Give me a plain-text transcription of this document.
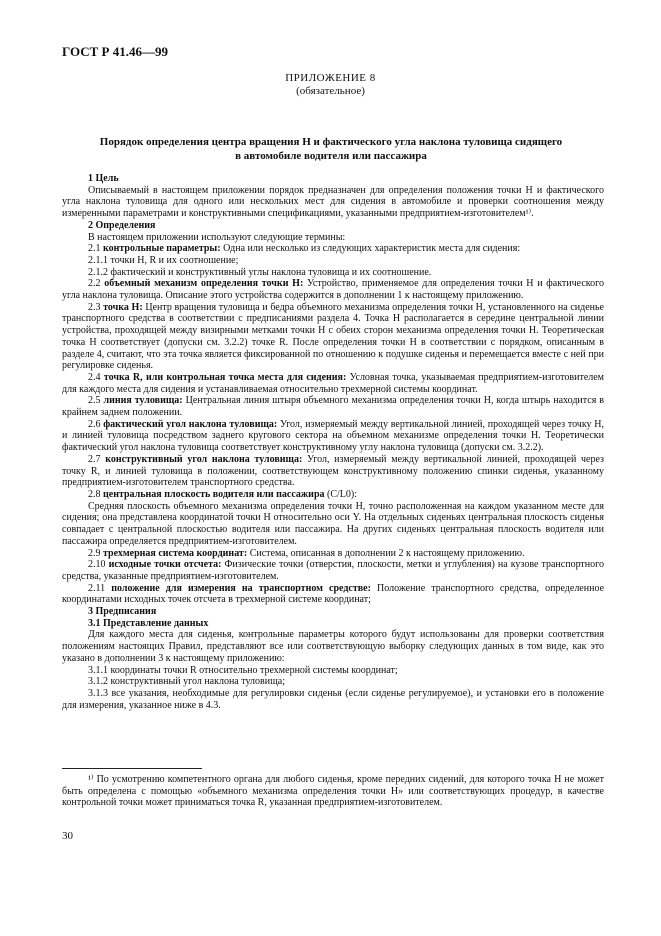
ГОСТ Р 41.46—99
ПРИЛОЖЕНИЕ 8
(обязательное)
Порядок определения центра вращения Н и фактического угла наклона туловища сидящего
в автомобиле водителя или пассажира

1 Цель

Описываемый в настоящем приложении порядок предназначен для определения положения точки Н и фактического угла наклона туловища для одного или нескольких мест для сидения в автомобиле и проверки соотношения между измеренными параметрами и конструктивными спецификациями, указанными предприятием-изготовителем¹⁾.

2 Определения

В настоящем приложении используют следующие термины:

2.1 контрольные параметры: Одна или несколько из следующих характеристик места для сидения:

2.1.1 точки Н, R и их соотношение;

2.1.2 фактический и конструктивный углы наклона туловища и их соотношение.

2.2 объемный механизм определения точки Н: Устройство, применяемое для определения точки Н и фактического угла наклона туловища. Описание этого устройства содержится в дополнении 1 к настоящему приложению.

2.3 точка Н: Центр вращения туловища и бедра объемного механизма определения точки Н, установленного на сиденье транспортного средства в соответствии с предписаниями раздела 4. Точка Н располагается в середине центральной линии устройства, проходящей между визирными метками точки Н с обеих сторон механизма определения точки Н. Теоретическая точка Н соответствует (допуски см. 3.2.2) точке R. После определения точки Н в соответствии с порядком, описанным в разделе 4, считают, что эта точка является фиксированной по отношению к подушке сиденья и перемещается вместе с ней при регулировке сиденья.

2.4 точка R, или контрольная точка места для сидения: Условная точка, указываемая предприятием-изготовителем для каждого места для сидения и устанавливаемая относительно трехмерной системы координат.

2.5 линия туловища: Центральная линия штыря объемного механизма определения точки Н, когда штырь находится в крайнем заднем положении.

2.6 фактический угол наклона туловища: Угол, измеряемый между вертикальной линией, проходящей через точку Н, и линией туловища посредством заднего кругового сектора на объемном механизме определения точки Н. Теоретически фактический угол наклона туловища соответствует конструктивному углу наклона туловища (допуски см. 3.2.2).

2.7 конструктивный угол наклона туловища: Угол, измеряемый между вертикальной линией, проходящей через точку R, и линией туловища в положении, соответствующем конструктивному положению спинки сиденья, указанному предприятием-изготовителем транспортного средства.

2.8 центральная плоскость водителя или пассажира (C/L0):

Средняя плоскость объемного механизма определения точки Н, точно расположенная на каждом указанном месте для сидения; она представлена координатой точки Н относительно оси Y. На отдельных сиденьях центральная плоскость сиденья совпадает с центральной плоскостью водителя или пассажира. На других сиденьях центральная плоскость водителя или пассажира определяется предприятием-изготовителем.

2.9 трехмерная система координат: Система, описанная в дополнении 2 к настоящему приложению.

2.10 исходные точки отсчета: Физические точки (отверстия, плоскости, метки и углубления) на кузове транспортного средства, указанные предприятием-изготовителем.

2.11 положение для измерения на транспортном средстве: Положение транспортного средства, определенное координатами исходных точек отсчета в трехмерной системе координат;

3 Предписания

3.1 Представление данных

Для каждого места для сиденья, контрольные параметры которого будут использованы для проверки соответствия положениям настоящих Правил, представляют все или соответствующую выборку следующих данных в том виде, как это указано в дополнении 3 к настоящему приложению:

3.1.1 координаты точки R относительно трехмерной системы координат;

3.1.2 конструктивный угол наклона туловища;

3.1.3 все указания, необходимые для регулировки сиденья (если сиденье регулируемое), и установки его в положение для измерения, указанное ниже в 4.3.

¹⁾ По усмотрению компетентного органа для любого сиденья, кроме передних сидений, для которого точка Н не может быть определена с помощью «объемного механизма определения точки Н» или соответствующих процедур, в качестве контрольной точки может приниматься точка R, указанная предприятием-изготовителем.
30
